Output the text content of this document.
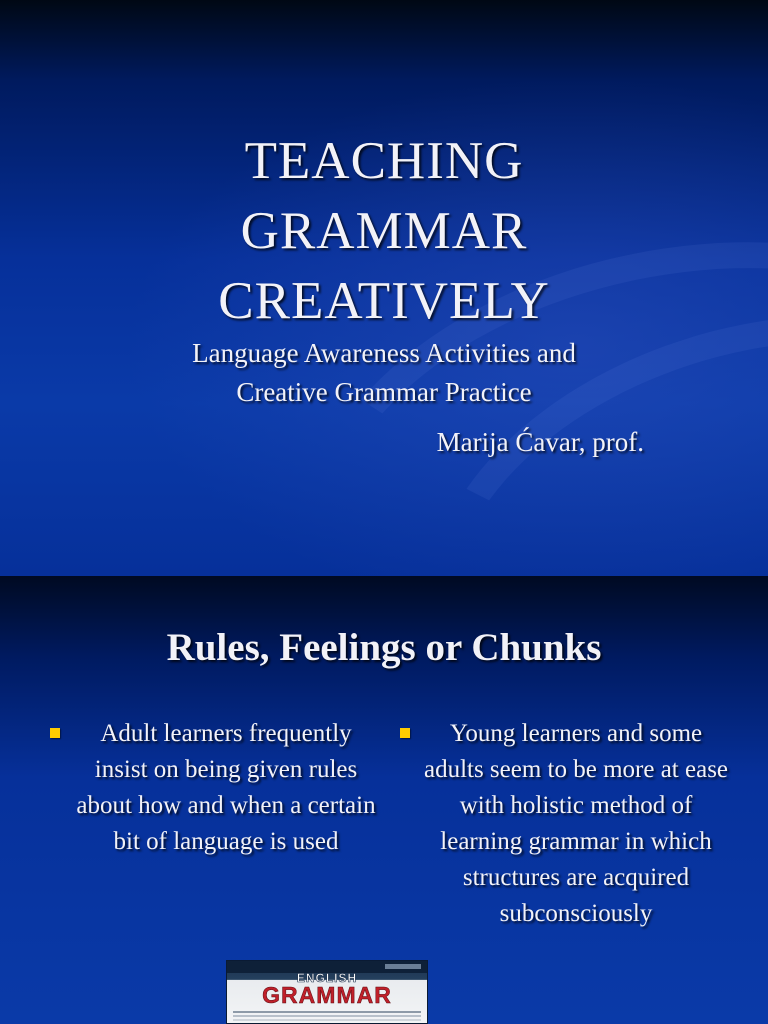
TEACHING
GRAMMAR
CREATIVELY
Language Awareness Activities and
Creative Grammar Practice
Marija Ćavar, prof.
Rules, Feelings or Chunks
Adult learners frequently insist on being given rules about how and when a certain bit of language is used
Young learners and some adults seem to be more at ease with holistic method of learning grammar in which structures are acquired subconsciously
ENGLISH
GRAMMAR
